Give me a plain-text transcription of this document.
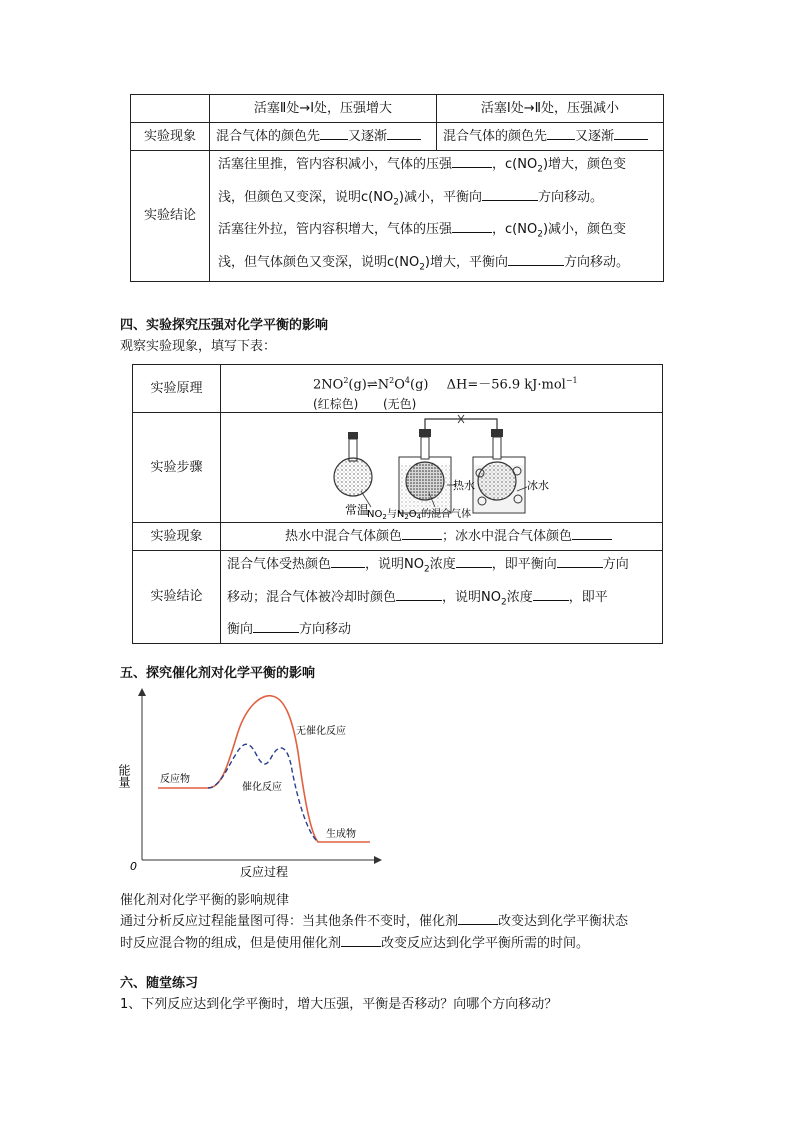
	活塞Ⅱ处→Ⅰ处，压强增大	活塞Ⅰ处→Ⅱ处，压强减小
实验现象	混合气体的颜色先 又逐渐	混合气体的颜色先 又逐渐
实验结论	活塞往里推，管内容积减小，气体的压强 ，$c(NO_2)$增大，颜色变
浅，但颜色又变深，说明$c(NO_2)$减小，平衡向 方向移动。
活塞往外拉，管内容积增大，气体的压强 ，$c(NO_2)$减小，颜色变
浅，但气体颜色又变深，说明$c(NO_2)$增大，平衡向 方向移动。	
四、实验探究压强对化学平衡的影响
观察实验现象，填写下表：
实验原理	$2NO^2(g)\rightleftharpoons N^2O^4(g)$ ΔH=－56.9 kJ·mol$^{-1}$
(红棕色) (无色)

实验步骤	常温
热水 冰水
$NO_2$与$N_2O_4$的混合气体

实验现象	热水中混合气体颜色 ；冰水中混合气体颜色
实验结论	混合气体受热颜色 ，说明$NO_2$浓度 ，即平衡向 方向
移动；混合气体被冷却时颜色 ，说明$NO_2$浓度 ，即平
衡向 方向移动
五、探究催化剂对化学平衡的影响
能量	反应物
无催化反应
催化反应
生成物
0	反应过程
催化剂对化学平衡的影响规律
通过分析反应过程能量图可得：当其他条件不变时，催化剂	改变达到化学平衡状态
时反应混合物的组成，但是使用催化剂	改变反应达到化学平衡所需的时间。
六、随堂练习
1、下列反应达到化学平衡时，增大压强，平衡是否移动？向哪个方向移动？
